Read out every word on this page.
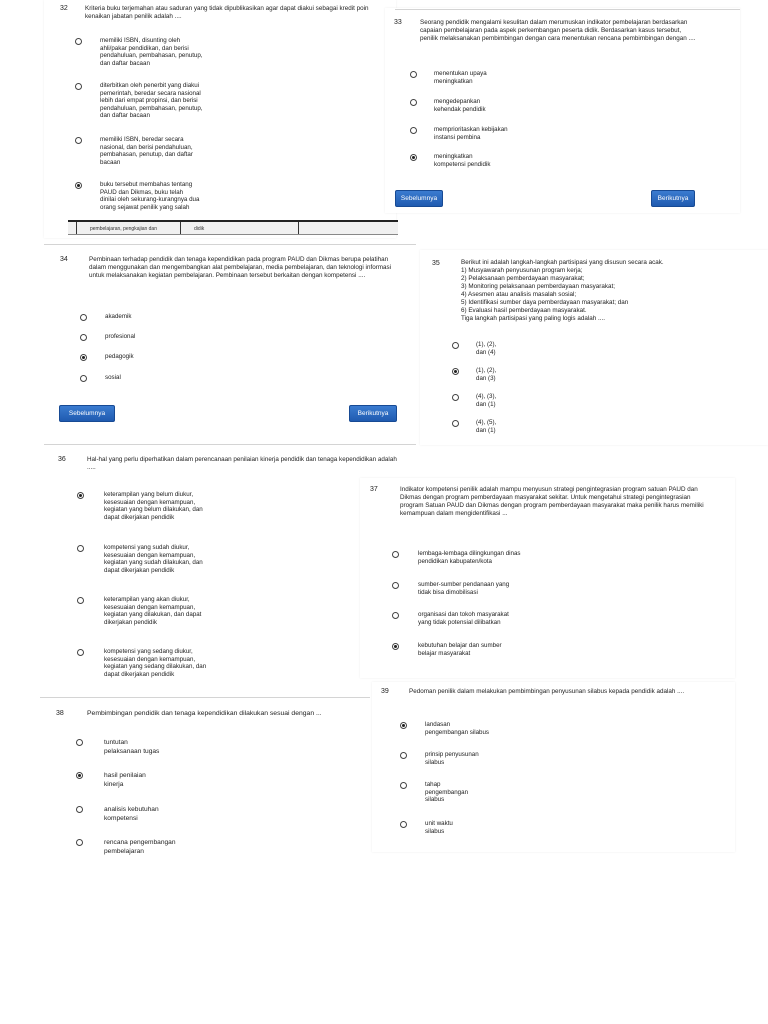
32	Kriteria buku terjemahan atau saduran yang tidak dipublikasikan agar dapat diakui sebagai kredit poin kenaikan jabatan penilik adalah ....
memiliki ISBN, disunting oleh
ahli/pakar pendidikan, dan berisi
pendahuluan, pembahasan, penutup,
dan daftar bacaan
diterbitkan oleh penerbit yang diakui
pemerintah, beredar secara nasional
lebih dari empat propinsi, dan berisi
pendahuluan, pembahasan, penutup,
dan daftar bacaan
memiliki ISBN, beredar secara
nasional, dan berisi pendahuluan,
pembahasan, penutup, dan daftar
bacaan
buku tersebut membahas tentang
PAUD dan Dikmas, buku telah
dinilai oleh sekurang-kurangnya dua
orang sejawat penilik yang salah
pembelajaran, pengkajian dan	didik
33	Seorang pendidik mengalami kesulitan dalam merumuskan indikator pembelajaran berdasarkan capaian pembelajaran pada aspek perkembangan peserta didik. Berdasarkan kasus tersebut, penilik melaksanakan pembimbingan dengan cara menentukan rencana pembimbingan dengan ....
menentukan upaya
meningkatkan
mengedepankan
kehendak pendidik
memprioritaskan kebijakan
instansi pembina
meningkatkan
kompetensi pendidik
Sebelumnya	Berikutnya
34	Pembinaan terhadap pendidik dan tenaga kependidikan pada program PAUD dan Dikmas berupa pelatihan dalam menggunakan dan mengembangkan alat pembelajaran, media pembelajaran, dan teknologi informasi untuk melaksanakan kegiatan pembelajaran. Pembinaan tersebut berkaitan dengan kompetensi ....
akademik
profesional
pedagogik
sosial
Sebelumnya	Berikutnya
35	Berikut ini adalah langkah-langkah partisipasi yang disusun secara acak.
1) Musyawarah penyusunan program kerja;
2) Pelaksanaan pemberdayaan masyarakat;
3) Monitoring pelaksanaan pemberdayaan masyarakat;
4) Asesmen atau analisis masalah sosial;
5) Identifikasi sumber daya pemberdayaan masyarakat; dan
6) Evaluasi hasil pemberdayaan masyarakat.
Tiga langkah partisipasi yang paling logis adalah ....
(1), (2),
dan (4)
(1), (2),
dan (3)
(4), (3),
dan (1)
(4), (5),
dan (1)
36	Hal-hal yang perlu diperhatikan dalam perencanaan penilaian kinerja pendidik dan tenaga kependidikan adalah .....
keterampilan yang belum diukur,
kesesuaian dengan kemampuan,
kegiatan yang belum dilakukan, dan
dapat dikerjakan pendidik
kompetensi yang sudah diukur,
kesesuaian dengan kemampuan,
kegiatan yang sudah dilakukan, dan
dapat dikerjakan pendidik
keterampilan yang akan diukur,
kesesuaian dengan kemampuan,
kegiatan yang dilakukan, dan dapat
dikerjakan pendidik
kompetensi yang sedang diukur,
kesesuaian dengan kemampuan,
kegiatan yang sedang dilakukan, dan
dapat dikerjakan pendidik
37	Indikator kompetensi penilik adalah mampu menyusun strategi pengintegrasian program satuan PAUD dan Dikmas dengan program pemberdayaan masyarakat sekitar. Untuk mengetahui strategi pengintegrasian program Satuan PAUD dan Dikmas dengan program pemberdayaan masyarakat maka penilik harus memiliki kemampuan dalam mengidentifikasi ...
lembaga-lembaga dilingkungan dinas
pendidikan kabupaten/kota
sumber-sumber pendanaan yang
tidak bisa dimobilisasi
organisasi dan tokoh masyarakat
yang tidak potensial dilibatkan
kebutuhan belajar dan sumber
belajar masyarakat
38	Pembimbingan pendidik dan tenaga kependidikan dilakukan sesuai dengan ...
tuntutan
pelaksanaan tugas
hasil penilaian
kinerja
analisis kebutuhan
kompetensi
rencana pengembangan
pembelajaran
39	Pedoman penilik dalam melakukan pembimbingan penyusunan silabus kepada pendidik adalah ....
landasan
pengembangan silabus
prinsip penyusunan
silabus
tahap
pengembangan
silabus
unit waktu
silabus
